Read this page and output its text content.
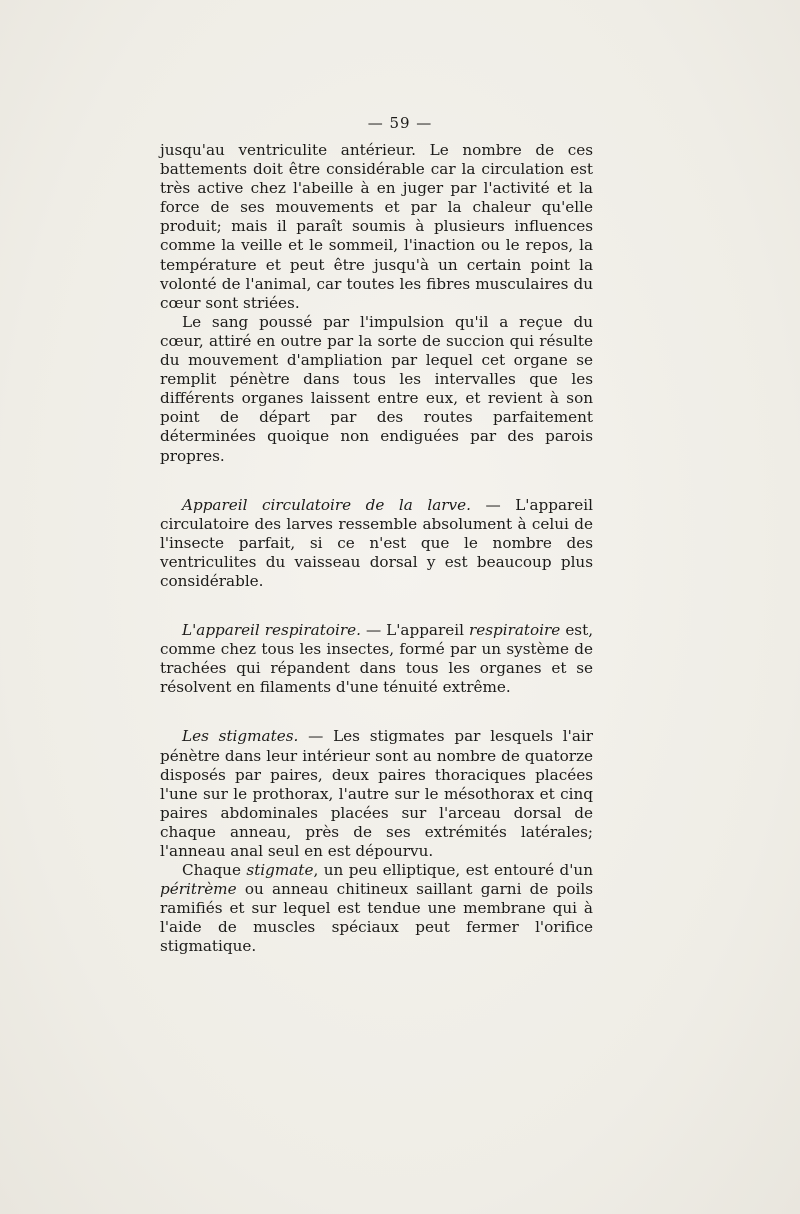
— 59 —

jusqu'au ventriculite antérieur. Le nombre de ces battements doit être considérable car la circulation est très active chez l'abeille à en juger par l'activité et la force de ses mouvements et par la chaleur qu'elle produit; mais il paraît soumis à plusieurs influences comme la veille et le sommeil, l'inaction ou le repos, la température et peut être jusqu'à un certain point la volonté de l'animal, car toutes les fibres musculaires du cœur sont striées.

Le sang poussé par l'impulsion qu'il a reçue du cœur, attiré en outre par la sorte de succion qui résulte du mouvement d'ampliation par lequel cet organe se remplit pénètre dans tous les intervalles que les différents organes laissent entre eux, et revient à son point de départ par des routes parfaitement déterminées quoique non endiguées par des parois propres.

Appareil circulatoire de la larve. — L'appareil circulatoire des larves ressemble absolument à celui de l'insecte parfait, si ce n'est que le nombre des ventriculites du vaisseau dorsal y est beaucoup plus considérable.

L'appareil respiratoire. — L'appareil respiratoire est, comme chez tous les insectes, formé par un système de trachées qui répandent dans tous les organes et se résolvent en filaments d'une ténuité extrême.

Les stigmates. — Les stigmates par lesquels l'air pénètre dans leur intérieur sont au nombre de quatorze disposés par paires, deux paires thoraciques placées l'une sur le prothorax, l'autre sur le mésothorax et cinq paires abdominales placées sur l'arceau dorsal de chaque anneau, près de ses extrémités latérales; l'anneau anal seul en est dépourvu.

Chaque stigmate, un peu elliptique, est entouré d'un péritrème ou anneau chitineux saillant garni de poils ramifiés et sur lequel est tendue une membrane qui à l'aide de muscles spéciaux peut fermer l'orifice stigmatique.
